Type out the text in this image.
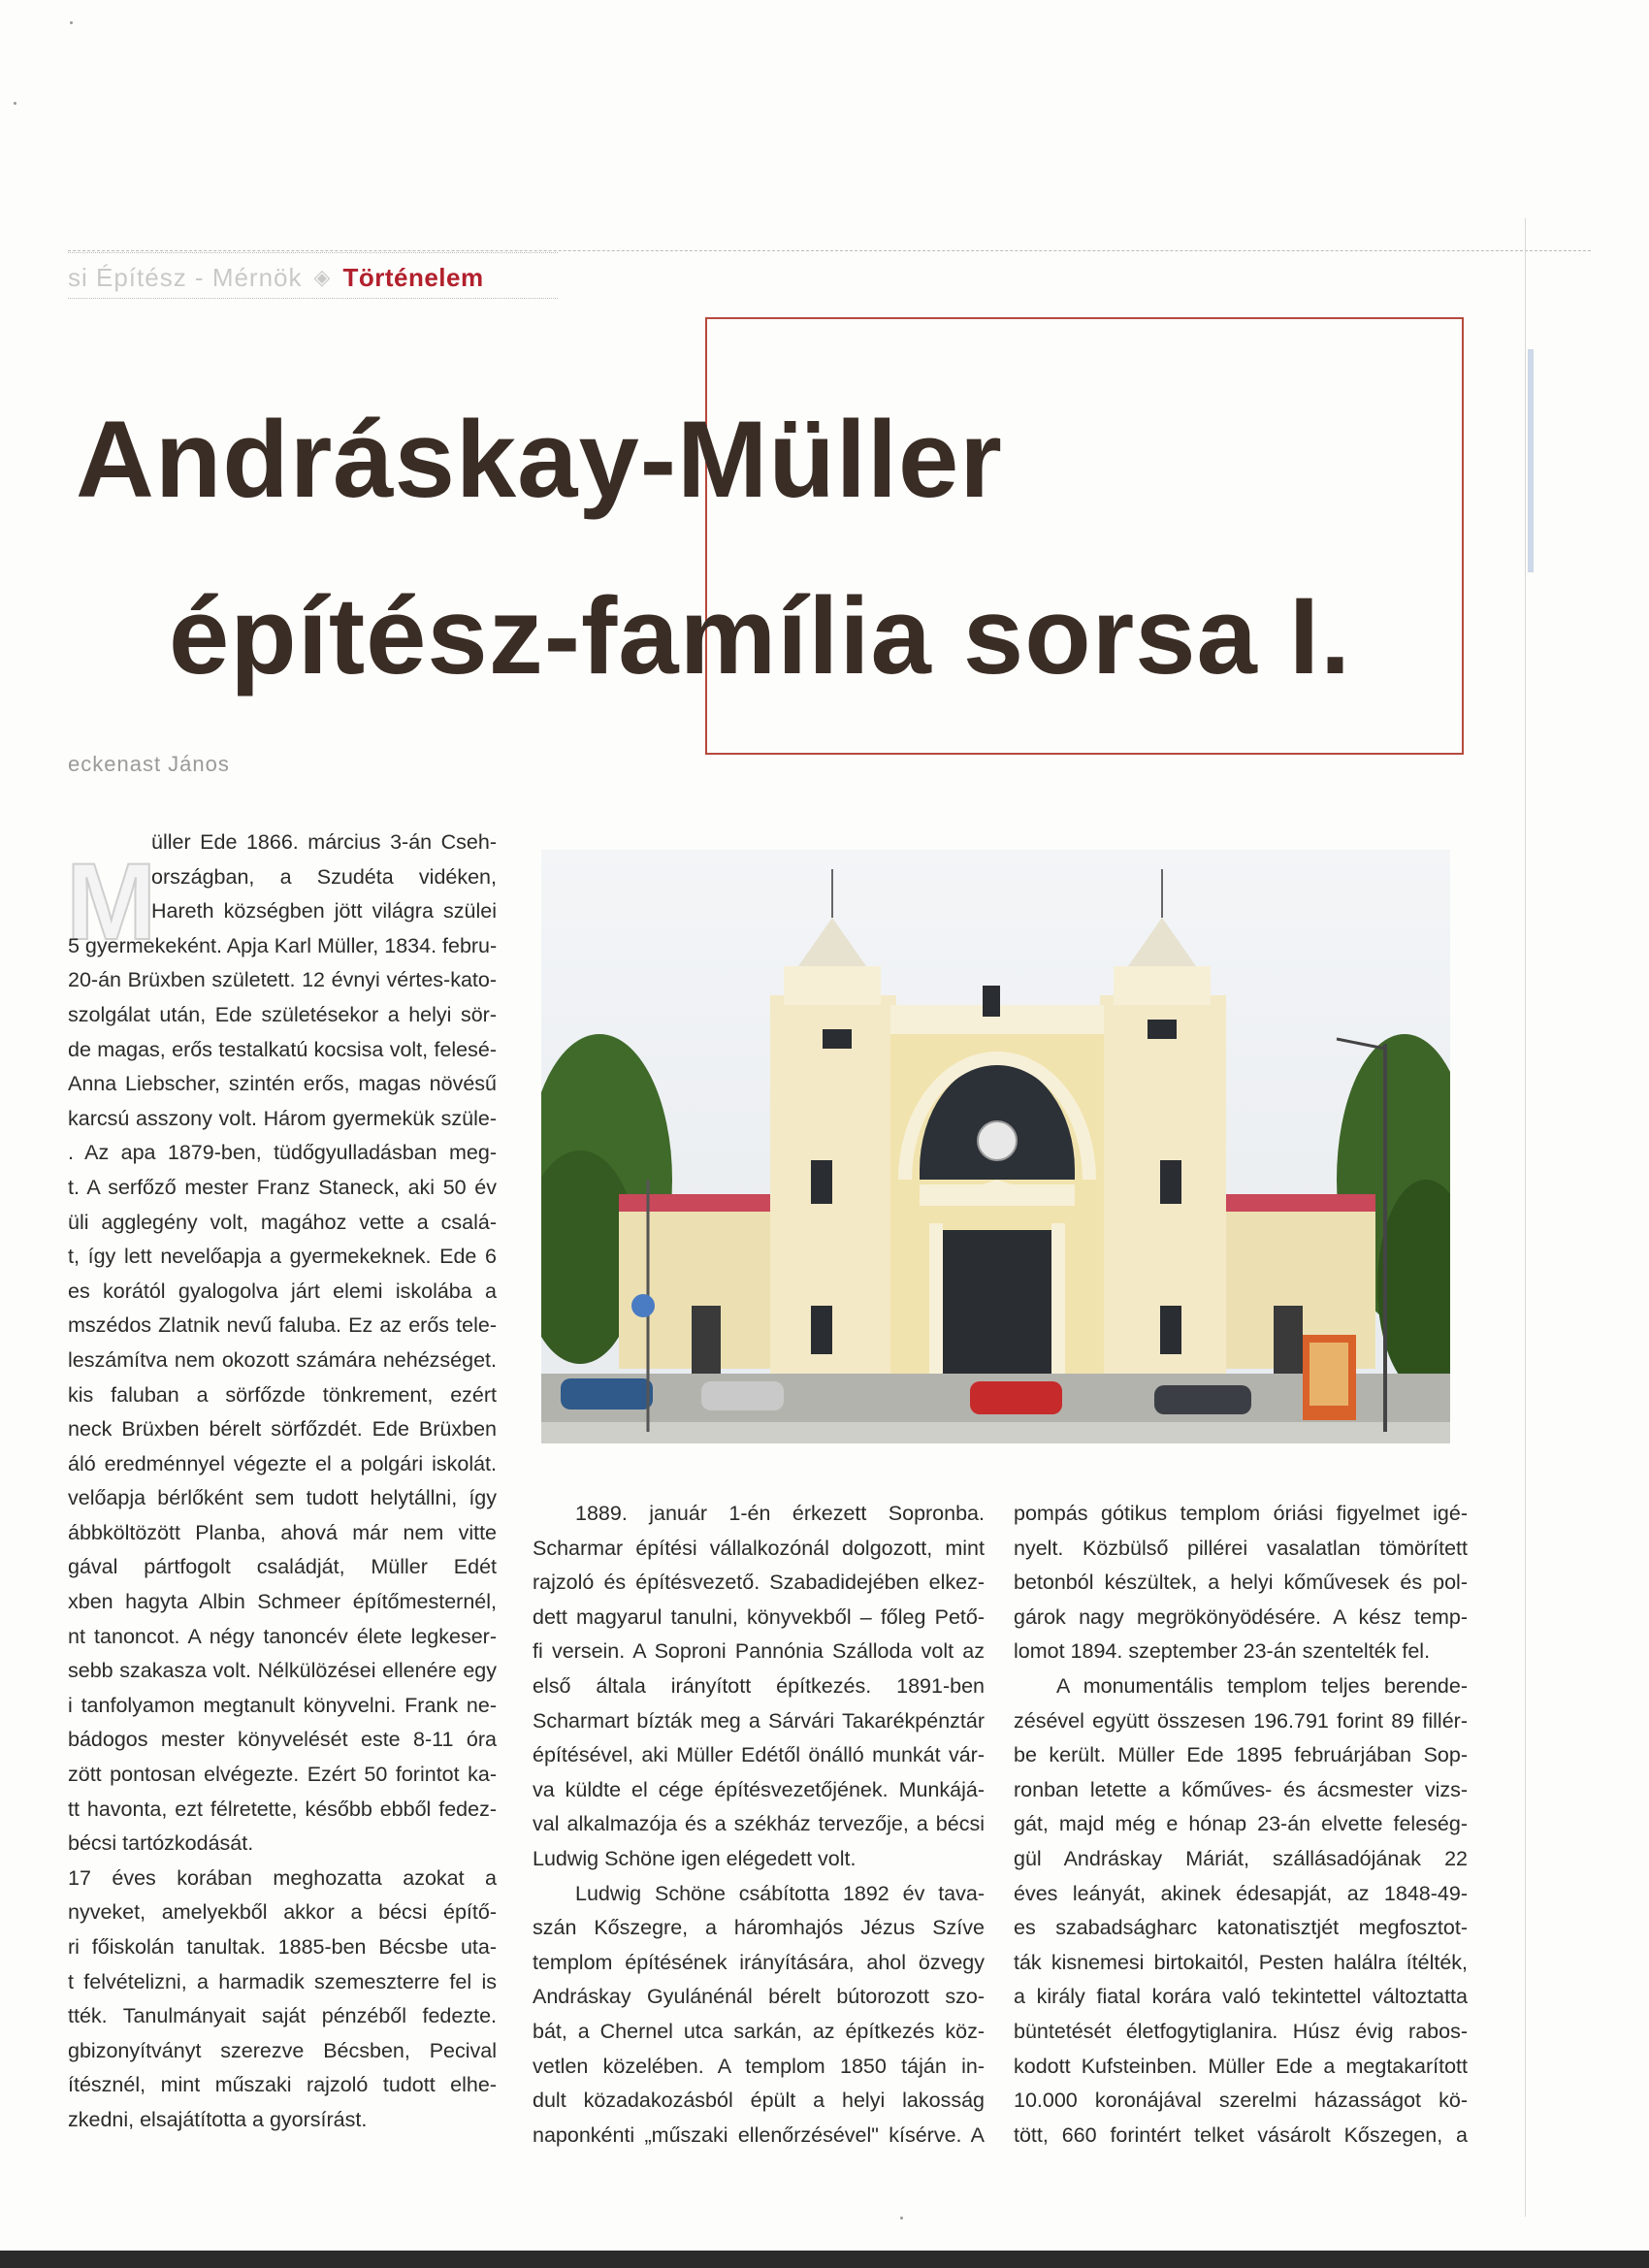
si Építész - Mérnök ◈ Történelem
Andráskay-Müller
építész-família sorsa I.
eckenast János
M
üller Ede 1866. március 3-án Cseh-
országban, a Szudéta vidéken,
Hareth községben jött világra szülei
5 gyermekeként. Apja Karl Müller, 1834. febru-
20-án Brüxben született. 12 évnyi vértes-kato-
szolgálat után, Ede születésekor a helyi sör-
de magas, erős testalkatú kocsisa volt, felesé-
Anna Liebscher, szintén erős, magas növésű
karcsú asszony volt. Három gyermekük szüle-
. Az apa 1879-ben, tüdőgyulladásban meg-
t. A serfőző mester Franz Staneck, aki 50 év
üli agglegény volt, magához vette a csalá-
t, így lett nevelőapja a gyermekeknek. Ede 6
es korától gyalogolva járt elemi iskolába a
mszédos Zlatnik nevű faluba. Ez az erős tele-
leszámítva nem okozott számára nehézséget.
kis faluban a sörfőzde tönkrement, ezért
neck Brüxben bérelt sörfőzdét. Ede Brüxben
áló eredménnyel végezte el a polgári iskolát.
velőapja bérlőként sem tudott helytállni, így
ábbköltözött Planba, ahová már nem vitte
gával pártfogolt családját, Müller Edét
xben hagyta Albin Schmeer építőmesternél,
nt tanoncot. A négy tanoncév élete legkeser-
sebb szakasza volt. Nélkülözései ellenére egy
i tanfolyamon megtanult könyvelni. Frank ne-
bádogos mester könyvelését este 8-11 óra
zött pontosan elvégezte. Ezért 50 forintot ka-
tt havonta, ezt félretette, később ebből fedez-
bécsi tartózkodását.
17 éves korában meghozatta azokat a
nyveket, amelyekből akkor a bécsi építő-
ri főiskolán tanultak. 1885-ben Bécsbe uta-
t felvételizni, a harmadik szemeszterre fel is
tték. Tanulmányait saját pénzéből fedezte.
gbizonyítványt szerezve Bécsben, Pecival
ítésznél, mint műszaki rajzoló tudott elhe-
zkedni, elsajátította a gyorsírást.
1889. január 1-én érkezett Sopronba.
Scharmar építési vállalkozónál dolgozott, mint
rajzoló és építésvezető. Szabadidejében elkez-
dett magyarul tanulni, könyvekből – főleg Pető-
fi versein. A Soproni Pannónia Szálloda volt az
első általa irányított építkezés. 1891-ben
Scharmart bízták meg a Sárvári Takarékpénztár
építésével, aki Müller Edétől önálló munkát vár-
va küldte el cége építésvezetőjének. Munkájá-
val alkalmazója és a székház tervezője, a bécsi
Ludwig Schöne igen elégedett volt.
Ludwig Schöne csábította 1892 év tava-
szán Kőszegre, a háromhajós Jézus Szíve
templom építésének irányítására, ahol özvegy
Andráskay Gyulánénál bérelt bútorozott szo-
bát, a Chernel utca sarkán, az építkezés köz-
vetlen közelében. A templom 1850 táján in-
dult közadakozásból épült a helyi lakosság
naponkénti „műszaki ellenőrzésével" kísérve. A
pompás gótikus templom óriási figyelmet igé-
nyelt. Közbülső pillérei vasalatlan tömörített
betonból készültek, a helyi kőművesek és pol-
gárok nagy megrökönyödésére. A kész temp-
lomot 1894. szeptember 23-án szentelték fel.
A monumentális templom teljes berende-
zésével együtt összesen 196.791 forint 89 fillér-
be került. Müller Ede 1895 februárjában Sop-
ronban letette a kőműves- és ácsmester vizs-
gát, majd még e hónap 23-án elvette feleség-
gül Andráskay Máriát, szállásadójának 22
éves leányát, akinek édesapját, az 1848-49-
es szabadságharc katonatisztjét megfosztot-
ták kisnemesi birtokaitól, Pesten halálra ítélték,
a király fiatal korára való tekintettel változtatta
büntetését életfogytiglanira. Húsz évig rabos-
kodott Kufsteinben. Müller Ede a megtakarított
10.000 koronájával szerelmi házasságot kö-
tött, 660 forintért telket vásárolt Kőszegen, a
